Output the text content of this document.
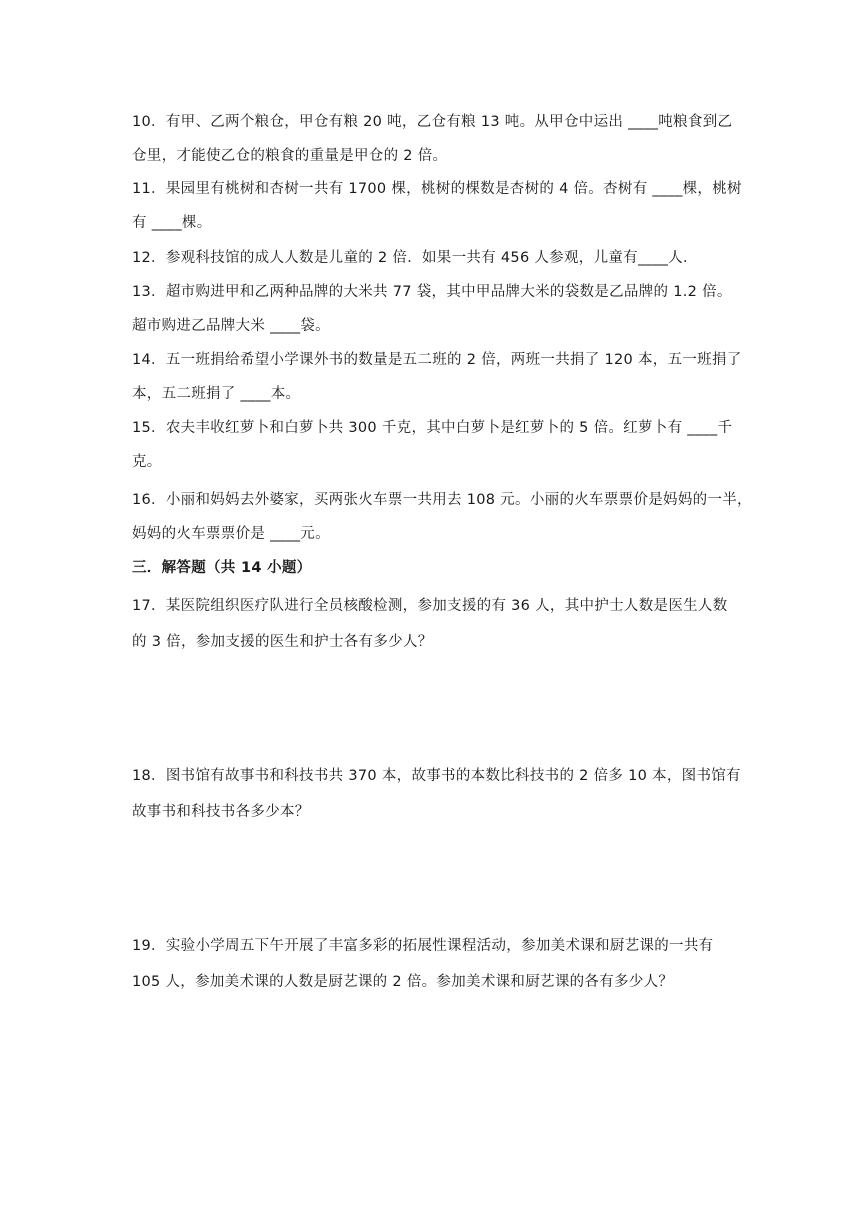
10．有甲、乙两个粮仓，甲仓有粮 20 吨，乙仓有粮 13 吨。从甲仓中运出 ____吨粮食到乙
仓里，才能使乙仓的粮食的重量是甲仓的 2 倍。
11．果园里有桃树和杏树一共有 1700 棵，桃树的棵数是杏树的 4 倍。杏树有 ____棵，桃树
有 ____棵。
12．参观科技馆的成人人数是儿童的 2 倍．如果一共有 456 人参观，儿童有____人．
13．超市购进甲和乙两种品牌的大米共 77 袋，其中甲品牌大米的袋数是乙品牌的 1.2 倍。
超市购进乙品牌大米 ____袋。
14．五一班捐给希望小学课外书的数量是五二班的 2 倍，两班一共捐了 120 本，五一班捐了
本，五二班捐了 ____本。
15．农夫丰收红萝卜和白萝卜共 300 千克，其中白萝卜是红萝卜的 5 倍。红萝卜有 ____千
克。
16．小丽和妈妈去外婆家，买两张火车票一共用去 108 元。小丽的火车票票价是妈妈的一半，
妈妈的火车票票价是 ____元。
三．解答题（共 14 小题）
17．某医院组织医疗队进行全员核酸检测，参加支援的有 36 人，其中护士人数是医生人数
的 3 倍，参加支援的医生和护士各有多少人？
18．图书馆有故事书和科技书共 370 本，故事书的本数比科技书的 2 倍多 10 本，图书馆有
故事书和科技书各多少本？
19．实验小学周五下午开展了丰富多彩的拓展性课程活动，参加美术课和厨艺课的一共有
105 人，参加美术课的人数是厨艺课的 2 倍。参加美术课和厨艺课的各有多少人？
